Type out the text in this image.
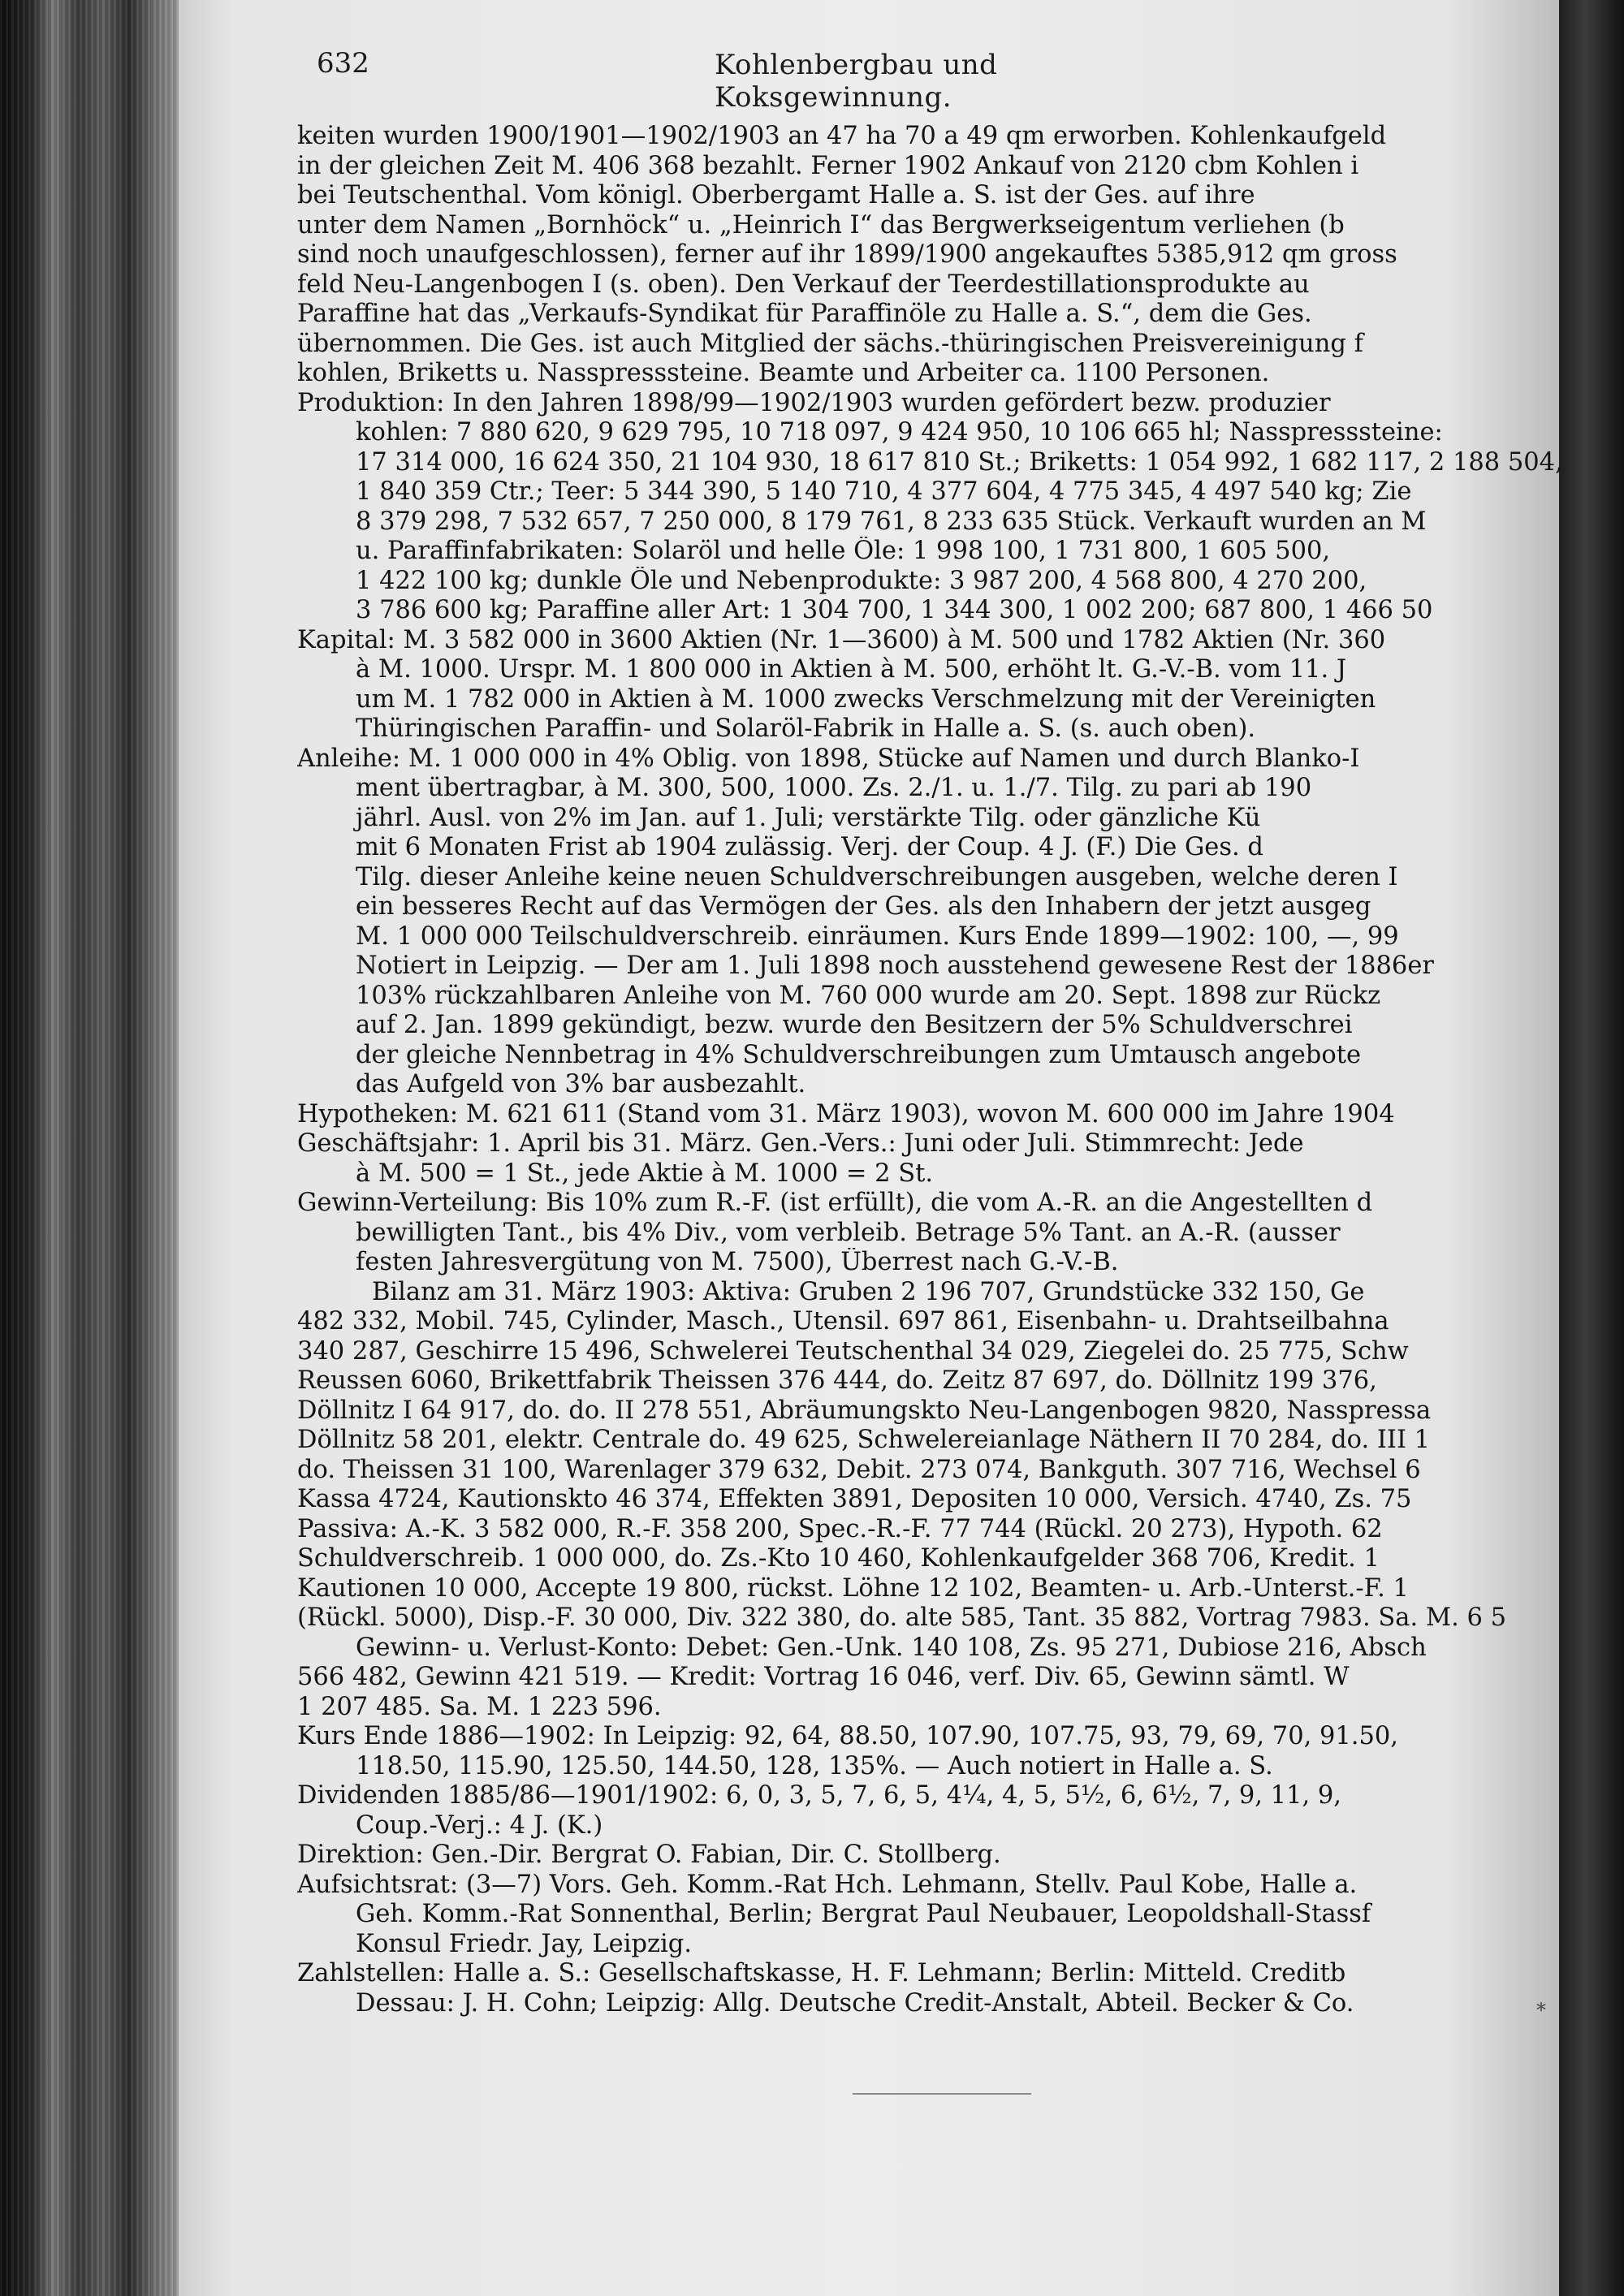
632	Kohlenbergbau und Koksgewinnung.
keiten wurden 1900/1901—1902/1903 an 47 ha 70 a 49 qm erworben. Kohlenkaufgeld
in der gleichen Zeit M. 406 368 bezahlt. Ferner 1902 Ankauf von 2120 cbm Kohlen i
bei Teutschenthal. Vom königl. Oberbergamt Halle a. S. ist der Ges. auf ihre
unter dem Namen „Bornhöck“ u. „Heinrich I“ das Bergwerkseigentum verliehen (b
sind noch unaufgeschlossen), ferner auf ihr 1899/1900 angekauftes 5385,912 qm gross
feld Neu-Langenbogen I (s. oben). Den Verkauf der Teerdestillationsprodukte au
Paraffine hat das „Verkaufs-Syndikat für Paraffinöle zu Halle a. S.“, dem die Ges.
übernommen. Die Ges. ist auch Mitglied der sächs.-thüringischen Preisvereinigung f
kohlen, Briketts u. Nasspresssteine. Beamte und Arbeiter ca. 1100 Personen.
Produktion: In den Jahren 1898/99—1902/1903 wurden gefördert bezw. produzier
kohlen: 7 880 620, 9 629 795, 10 718 097, 9 424 950, 10 106 665 hl; Nasspresssteine:
17 314 000, 16 624 350, 21 104 930, 18 617 810 St.; Briketts: 1 054 992, 1 682 117, 2 188 504,
1 840 359 Ctr.; Teer: 5 344 390, 5 140 710, 4 377 604, 4 775 345, 4 497 540 kg; Zie
8 379 298, 7 532 657, 7 250 000, 8 179 761, 8 233 635 Stück. Verkauft wurden an M
u. Paraffinfabrikaten: Solaröl und helle Öle: 1 998 100, 1 731 800, 1 605 500,
1 422 100 kg; dunkle Öle und Nebenprodukte: 3 987 200, 4 568 800, 4 270 200,
3 786 600 kg; Paraffine aller Art: 1 304 700, 1 344 300, 1 002 200; 687 800, 1 466 50
Kapital: M. 3 582 000 in 3600 Aktien (Nr. 1—3600) à M. 500 und 1782 Aktien (Nr. 360
à M. 1000. Urspr. M. 1 800 000 in Aktien à M. 500, erhöht lt. G.-V.-B. vom 11. J
um M. 1 782 000 in Aktien à M. 1000 zwecks Verschmelzung mit der Vereinigten
Thüringischen Paraffin- und Solaröl-Fabrik in Halle a. S. (s. auch oben).
Anleihe: M. 1 000 000 in 4% Oblig. von 1898, Stücke auf Namen und durch Blanko-I
ment übertragbar, à M. 300, 500, 1000. Zs. 2./1. u. 1./7. Tilg. zu pari ab 190
jährl. Ausl. von 2% im Jan. auf 1. Juli; verstärkte Tilg. oder gänzliche Kü
mit 6 Monaten Frist ab 1904 zulässig. Verj. der Coup. 4 J. (F.) Die Ges. d
Tilg. dieser Anleihe keine neuen Schuldverschreibungen ausgeben, welche deren I
ein besseres Recht auf das Vermögen der Ges. als den Inhabern der jetzt ausgeg
M. 1 000 000 Teilschuldverschreib. einräumen. Kurs Ende 1899—1902: 100, —, 99
Notiert in Leipzig. — Der am 1. Juli 1898 noch ausstehend gewesene Rest der 1886er
103% rückzahlbaren Anleihe von M. 760 000 wurde am 20. Sept. 1898 zur Rückz
auf 2. Jan. 1899 gekündigt, bezw. wurde den Besitzern der 5% Schuldverschrei
der gleiche Nennbetrag in 4% Schuldverschreibungen zum Umtausch angebote
das Aufgeld von 3% bar ausbezahlt.
Hypotheken: M. 621 611 (Stand vom 31. März 1903), wovon M. 600 000 im Jahre 1904
Geschäftsjahr: 1. April bis 31. März. Gen.-Vers.: Juni oder Juli. Stimmrecht: Jede
à M. 500 = 1 St., jede Aktie à M. 1000 = 2 St.
Gewinn-Verteilung: Bis 10% zum R.-F. (ist erfüllt), die vom A.-R. an die Angestellten d
bewilligten Tant., bis 4% Div., vom verbleib. Betrage 5% Tant. an A.-R. (ausser
festen Jahresvergütung von M. 7500), Überrest nach G.-V.-B.
Bilanz am 31. März 1903: Aktiva: Gruben 2 196 707, Grundstücke 332 150, Ge
482 332, Mobil. 745, Cylinder, Masch., Utensil. 697 861, Eisenbahn- u. Drahtseilbahna
340 287, Geschirre 15 496, Schwelerei Teutschenthal 34 029, Ziegelei do. 25 775, Schw
Reussen 6060, Brikettfabrik Theissen 376 444, do. Zeitz 87 697, do. Döllnitz 199 376,
Döllnitz I 64 917, do. do. II 278 551, Abräumungskto Neu-Langenbogen 9820, Nasspressa
Döllnitz 58 201, elektr. Centrale do. 49 625, Schwelereianlage Näthern II 70 284, do. III 1
do. Theissen 31 100, Warenlager 379 632, Debit. 273 074, Bankguth. 307 716, Wechsel 6
Kassa 4724, Kautionskto 46 374, Effekten 3891, Depositen 10 000, Versich. 4740, Zs. 75
Passiva: A.-K. 3 582 000, R.-F. 358 200, Spec.-R.-F. 77 744 (Rückl. 20 273), Hypoth. 62
Schuldverschreib. 1 000 000, do. Zs.-Kto 10 460, Kohlenkaufgelder 368 706, Kredit. 1
Kautionen 10 000, Accepte 19 800, rückst. Löhne 12 102, Beamten- u. Arb.-Unterst.-F. 1
(Rückl. 5000), Disp.-F. 30 000, Div. 322 380, do. alte 585, Tant. 35 882, Vortrag 7983. Sa. M. 6 5
Gewinn- u. Verlust-Konto: Debet: Gen.-Unk. 140 108, Zs. 95 271, Dubiose 216, Absch
566 482, Gewinn 421 519. — Kredit: Vortrag 16 046, verf. Div. 65, Gewinn sämtl. W
1 207 485. Sa. M. 1 223 596.
Kurs Ende 1886—1902: In Leipzig: 92, 64, 88.50, 107.90, 107.75, 93, 79, 69, 70, 91.50,
118.50, 115.90, 125.50, 144.50, 128, 135%. — Auch notiert in Halle a. S.
Dividenden 1885/86—1901/1902: 6, 0, 3, 5, 7, 6, 5, 4¼, 4, 5, 5½, 6, 6½, 7, 9, 11, 9,
Coup.-Verj.: 4 J. (K.)
Direktion: Gen.-Dir. Bergrat O. Fabian, Dir. C. Stollberg.
Aufsichtsrat: (3—7) Vors. Geh. Komm.-Rat Hch. Lehmann, Stellv. Paul Kobe, Halle a.
Geh. Komm.-Rat Sonnenthal, Berlin; Bergrat Paul Neubauer, Leopoldshall-Stassf
Konsul Friedr. Jay, Leipzig.
Zahlstellen: Halle a. S.: Gesellschaftskasse, H. F. Lehmann; Berlin: Mitteld. Creditb
Dessau: J. H. Cohn; Leipzig: Allg. Deutsche Credit-Anstalt, Abteil. Becker & Co.	*
